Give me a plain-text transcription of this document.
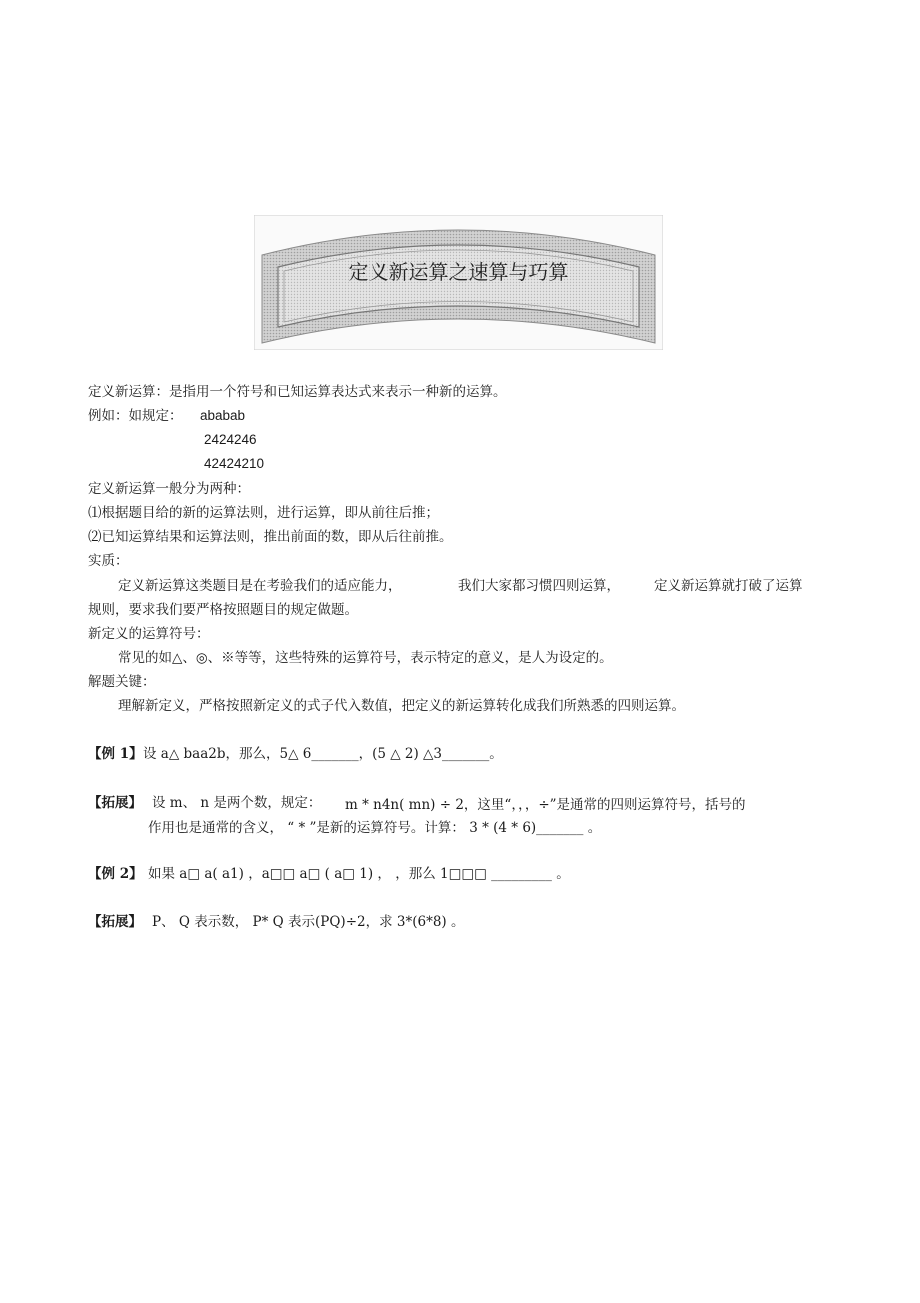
定义新运算之速算与巧算
定义新运算：是指用一个符号和已知运算表达式来表示一种新的运算。
例如：如规定： ababab
2424246
42424210
定义新运算一般分为两种：
⑴根据题目给的新的运算法则，进行运算，即从前往后推；
⑵已知运算结果和运算法则，推出前面的数，即从后往前推。
实质：
定义新运算这类题目是在考验我们的适应能力，	我们大家都习惯四则运算，	定义新运算就打破了运算
规则，要求我们要严格按照题目的规定做题。
新定义的运算符号：
常见的如△、◎、※等等，这些特殊的运算符号，表示特定的意义，是人为设定的。
解题关键：
理解新定义，严格按照新定义的式子代入数值，把定义的新运算转化成我们所熟悉的四则运算。
【例 1】 设 a△ baa2b，那么，5△ 6_______，(5 △ 2) △3_______。
【拓展】 设 m、 n 是两个数，规定： m * n4n( mn) ÷ 2，这里“，，，÷”是通常的四则运算符号，括号的
作用也是通常的含义， “ * ”是新的运算符号。计算： 3 * (4 * 6)_______ 。
【例 2】 如果 a□ a( a1) ，a□□ a□ ( a□ 1) ， ，那么 1□□□ _________ 。
【拓展】 P、 Q 表示数， P* Q 表示(PQ)÷2，求 3*(6*8) 。
